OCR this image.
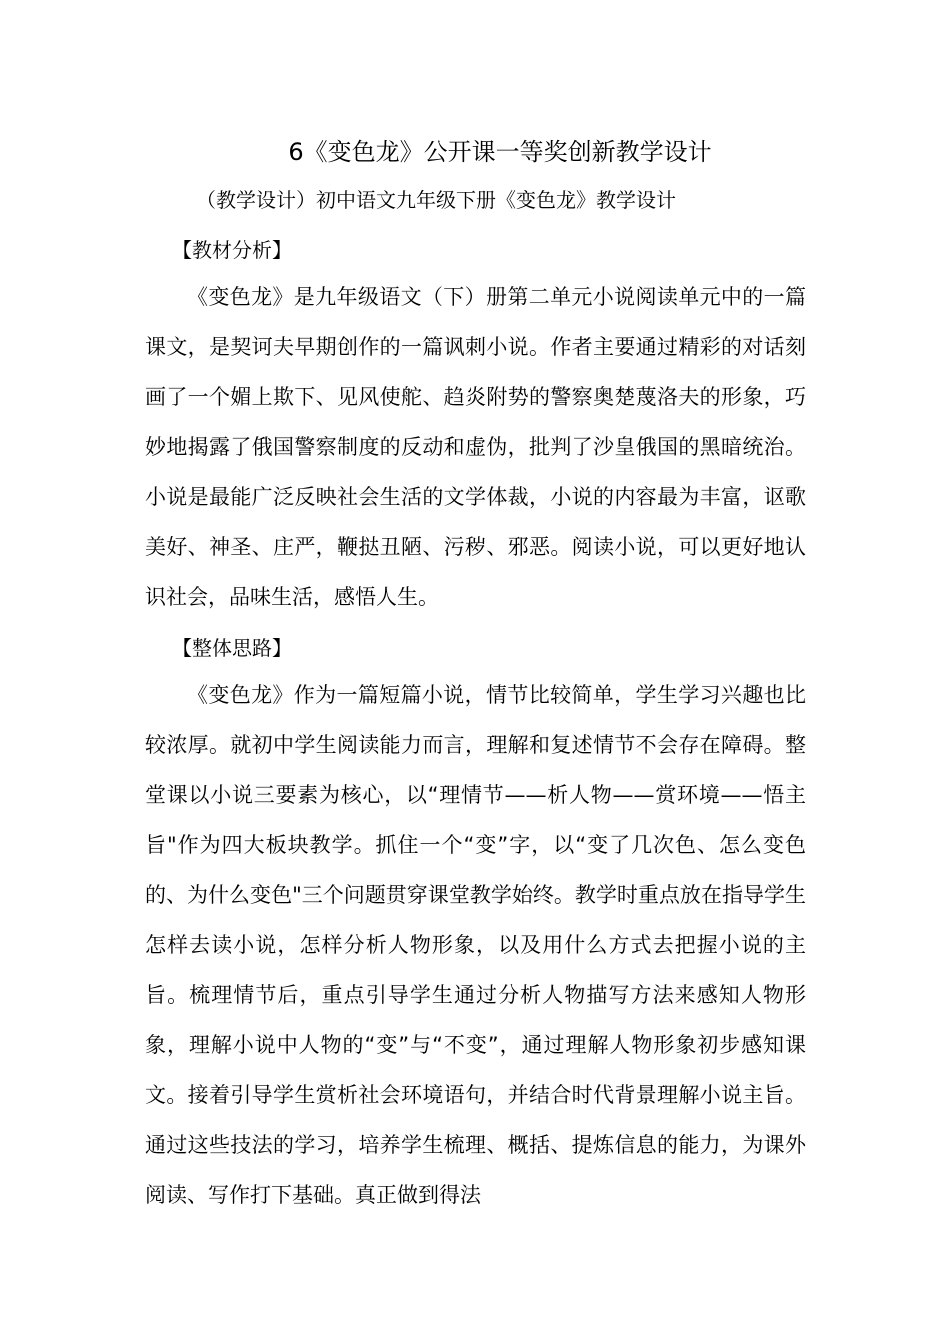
6《变色龙》公开课一等奖创新教学设计
（教学设计）初中语文九年级下册《变色龙》教学设计
【教材分析】

《变色龙》是九年级语文（下）册第二单元小说阅读单元中的一篇课文，是契诃夫早期创作的一篇讽刺小说。作者主要通过精彩的对话刻画了一个媚上欺下、见风使舵、趋炎附势的警察奥楚蔑洛夫的形象，巧妙地揭露了俄国警察制度的反动和虚伪，批判了沙皇俄国的黑暗统治。小说是最能广泛反映社会生活的文学体裁，小说的内容最为丰富，讴歌美好、神圣、庄严，鞭挞丑陋、污秽、邪恶。阅读小说，可以更好地认识社会，品味生活，感悟人生。

【整体思路】

《变色龙》作为一篇短篇小说，情节比较简单，学生学习兴趣也比较浓厚。就初中学生阅读能力而言，理解和复述情节不会存在障碍。整堂课以小说三要素为核心，以“理情节——析人物——赏环境——悟主旨"作为四大板块教学。抓住一个“变”字，以“变了几次色、怎么变色的、为什么变色"三个问题贯穿课堂教学始终。教学时重点放在指导学生怎样去读小说，怎样分析人物形象，以及用什么方式去把握小说的主旨。梳理情节后，重点引导学生通过分析人物描写方法来感知人物形象，理解小说中人物的“变”与“不变”，通过理解人物形象初步感知课文。接着引导学生赏析社会环境语句，并结合时代背景理解小说主旨。通过这些技法的学习，培养学生梳理、概括、提炼信息的能力，为课外阅读、写作打下基础。真正做到得法
